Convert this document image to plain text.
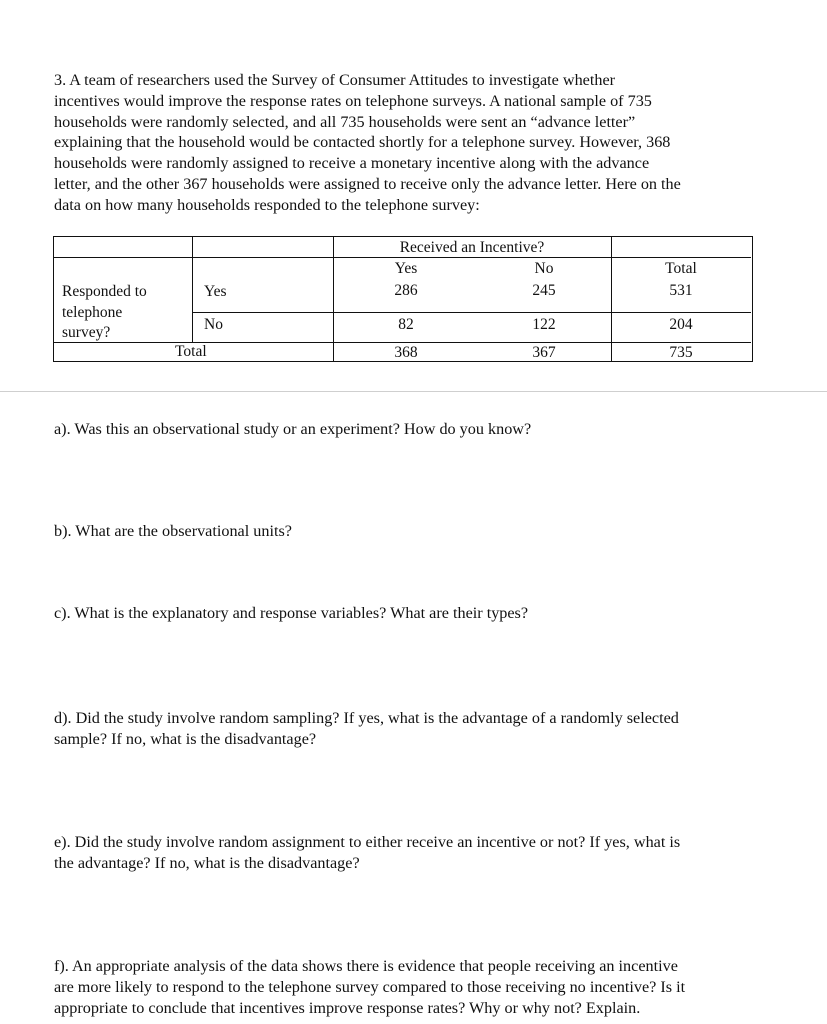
3. A team of researchers used the Survey of Consumer Attitudes to investigate whether
incentives would improve the response rates on telephone surveys. A national sample of 735
households were randomly selected, and all 735 households were sent an “advance letter”
explaining that the household would be contacted shortly for a telephone survey. However, 368
households were randomly assigned to receive a monetary incentive along with the advance
letter, and the other 367 households were assigned to receive only the advance letter. Here on the
data on how many households responded to the telephone survey:
Received an Incentive?
Yes	No	Total
Responded to
telephone
survey?
Yes	286	245	531
No	82	122	204
Total	368	367	735
a). Was this an observational study or an experiment? How do you know?
b). What are the observational units?
c). What is the explanatory and response variables? What are their types?
d). Did the study involve random sampling? If yes, what is the advantage of a randomly selected
sample? If no, what is the disadvantage?
e). Did the study involve random assignment to either receive an incentive or not? If yes, what is
the advantage? If no, what is the disadvantage?
f). An appropriate analysis of the data shows there is evidence that people receiving an incentive
are more likely to respond to the telephone survey compared to those receiving no incentive? Is it
appropriate to conclude that incentives improve response rates? Why or why not? Explain.
